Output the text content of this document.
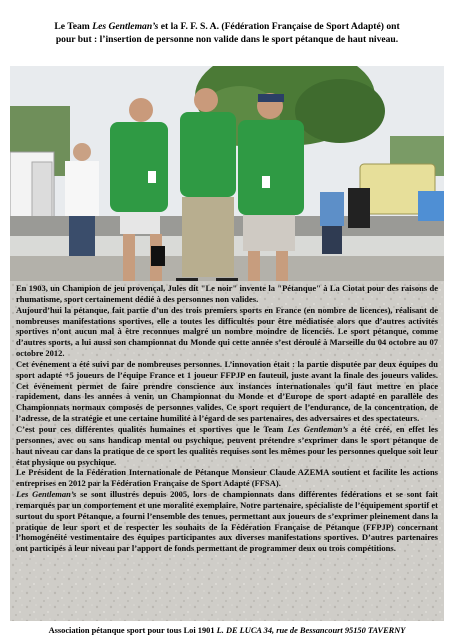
Le Team Les Gentleman’s et la F. F. S. A. (Fédération Française de Sport Adapté) ont
pour but : l’insertion de personne non valide dans le sport pétanque de haut niveau.

En 1903, un Champion de jeu provençal, Jules dit "Le noir" invente la "Pétanque" à La Ciotat pour des raisons de rhumatisme, sport certainement dédié à des personnes non valides.

Aujourd’hui la pétanque, fait partie d’un des trois premiers sports en France (en nombre de licences), réalisant de nombreuses manifestations sportives, elle a toutes les difficultés pour être médiatisée alors que d’autres activités sportives n’ont aucun mal à être reconnues malgré un nombre moindre de licenciés. Le sport pétanque, comme d’autres sports, a lui aussi son championnat du Monde qui cette année s’est déroulé à Marseille du 04 octobre au 07 octobre 2012.

Cet événement a été suivi par de nombreuses personnes. L’innovation était : la partie disputée par deux équipes du sport adapté +5 joueurs de l’équipe France et 1 joueur FFPJP en fauteuil, juste avant la finale des joueurs valides. Cet événement permet de faire prendre conscience aux instances internationales qu’il faut mettre en place rapidement, dans les années à venir, un Championnat du Monde et d’Europe de sport adapté en parallèle des Championnats normaux composés de personnes valides. Ce sport requiert de l’endurance, de la concentration, de l’adresse, de la stratégie et une certaine humilité à l’égard de ses partenaires, des adversaires et des spectateurs.

C’est pour ces différentes qualités humaines et sportives que le Team Les Gentleman’s a été créé, en effet les personnes, avec ou sans handicap mental ou psychique, peuvent prétendre s’exprimer dans le sport pétanque de haut niveau car dans la pratique de ce sport les qualités requises sont les mêmes pour les personnes quelque soit leur état physique ou psychique.

Le Président de la Fédération Internationale de Pétanque Monsieur Claude AZEMA soutient et facilite les actions entreprises en 2012 par la Fédération Française de Sport Adapté (FFSA).

Les Gentleman’s se sont illustrés depuis 2005, lors de championnats dans différentes fédérations et se sont fait remarqués par un comportement et une moralité exemplaire. Notre partenaire, spécialiste de l’équipement sportif et surtout du sport Pétanque, a fourni l’ensemble des tenues, permettant aux joueurs de s’exprimer pleinement dans la pratique de leur sport et de respecter les souhaits de la Fédération Française de Pétanque (FFPJP) concernant l’homogénéité vestimentaire des équipes participantes aux diverses manifestations sportives. D’autres partenaires ont participés à leur niveau par l’apport de fonds permettant de programmer deux ou trois compétitions.

Association pétanque sport pour tous Loi 1901 L. DE LUCA 34, rue de Bessancourt 95150 TAVERNY
